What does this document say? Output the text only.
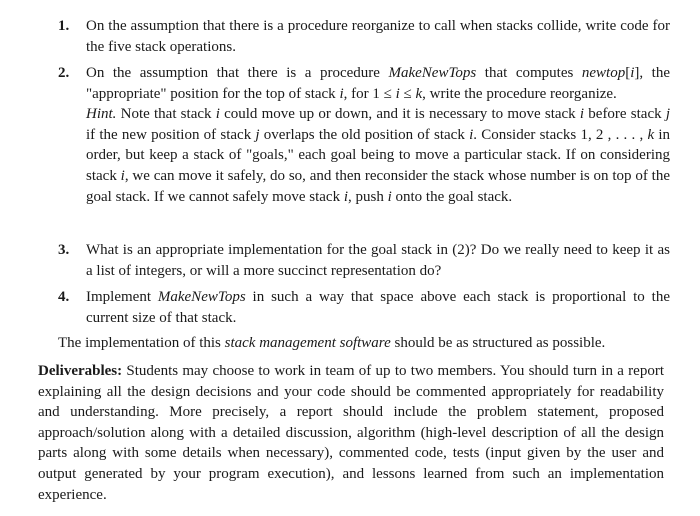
1.	On the assumption that there is a procedure reorganize to call when stacks collide, write code for the five stack operations.
2.	On the assumption that there is a procedure MakeNewTops that computes newtop[i], the "appropriate" position for the top of stack i, for 1 ≤ i ≤ k, write the procedure reorganize.
Hint. Note that stack i could move up or down, and it is necessary to move stack i before stack j if the new position of stack j overlaps the old position of stack i. Consider stacks 1, 2 , . . . , k in order, but keep a stack of "goals," each goal being to move a particular stack. If on considering stack i, we can move it safely, do so, and then reconsider the stack whose number is on top of the goal stack. If we cannot safely move stack i, push i onto the goal stack.
3.	What is an appropriate implementation for the goal stack in (2)? Do we really need to keep it as a list of integers, or will a more succinct representation do?
4.	Implement MakeNewTops in such a way that space above each stack is proportional to the current size of that stack.
The implementation of this stack management software should be as structured as possible.
Deliverables: Students may choose to work in team of up to two members. You should turn in a report explaining all the design decisions and your code should be commented appropriately for readability and understanding. More precisely, a report should include the problem statement, proposed approach/solution along with a detailed discussion, algorithm (high-level description of all the design parts along with some details when necessary), commented code, tests (input given by the user and output generated by your program execution), and lessons learned from such an implementation experience.
